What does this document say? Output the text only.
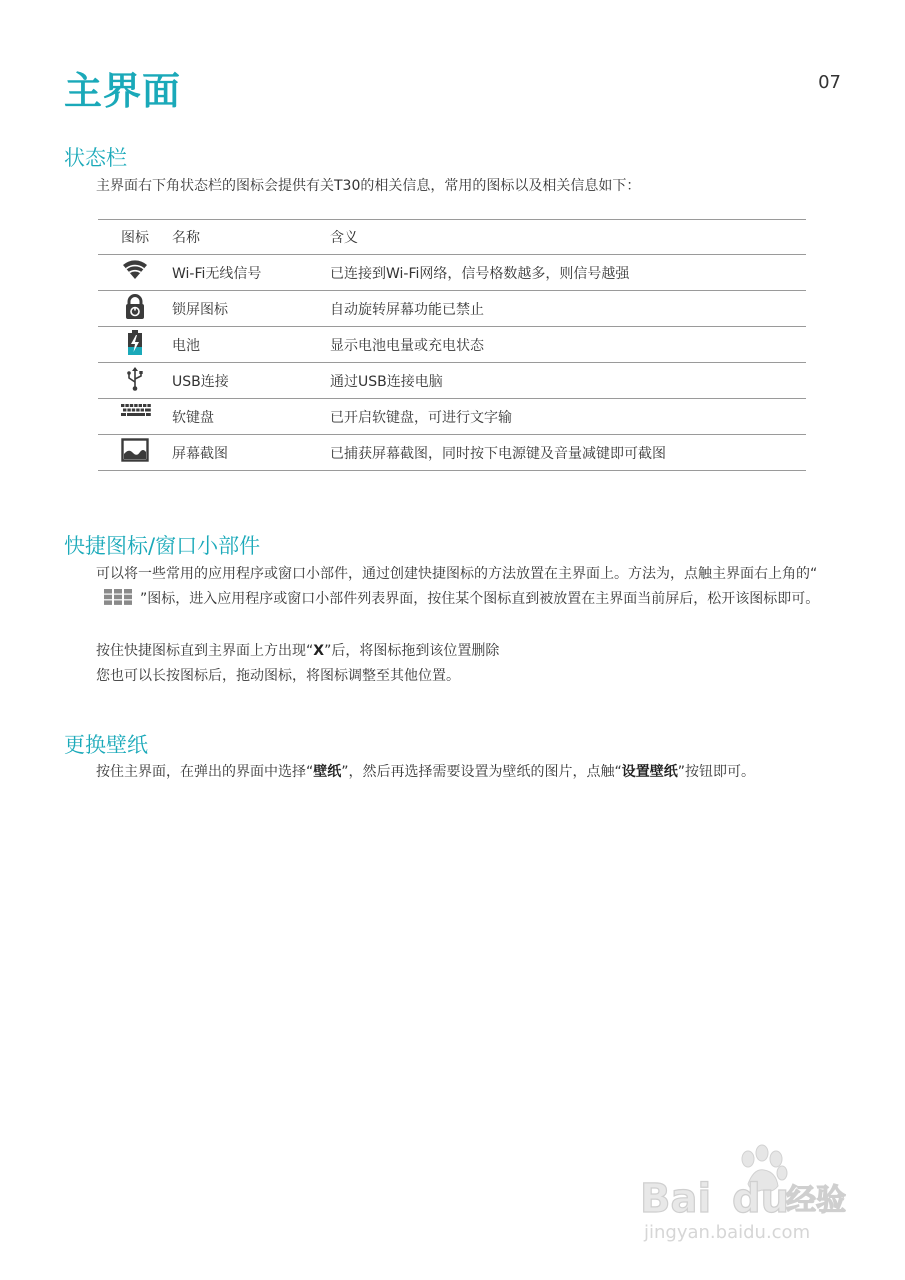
主界面	07
状态栏
主界面右下角状态栏的图标会提供有关T30的相关信息，常用的图标以及相关信息如下：
图标	名称	含义

	Wi-Fi无线信号	已连接到Wi-Fi网络，信号格数越多，则信号越强

	锁屏图标	自动旋转屏幕功能已禁止

	电池	显示电池电量或充电状态

	USB连接	通过USB连接电脑

	软键盘	已开启软键盘，可进行文字输

	屏幕截图	已捕获屏幕截图，同时按下电源键及音量减键即可截图
快捷图标/窗口小部件
可以将一些常用的应用程序或窗口小部件，通过创建快捷图标的方法放置在主界面上。方法为，点触主界面右上角的“”图标，进入应用程序或窗口小部件列表界面，按住某个图标直到被放置在主界面当前屏后，松开该图标即可。
按住快捷图标直到主界面上方出现“X”后，将图标拖到该位置删除
您也可以长按图标后，拖动图标，将图标调整至其他位置。
更换壁纸
按住主界面，在弹出的界面中选择“壁纸”，然后再选择需要设置为壁纸的图片，点触“设置壁纸”按钮即可。
Bai du
经验
jingyan.baidu.com
